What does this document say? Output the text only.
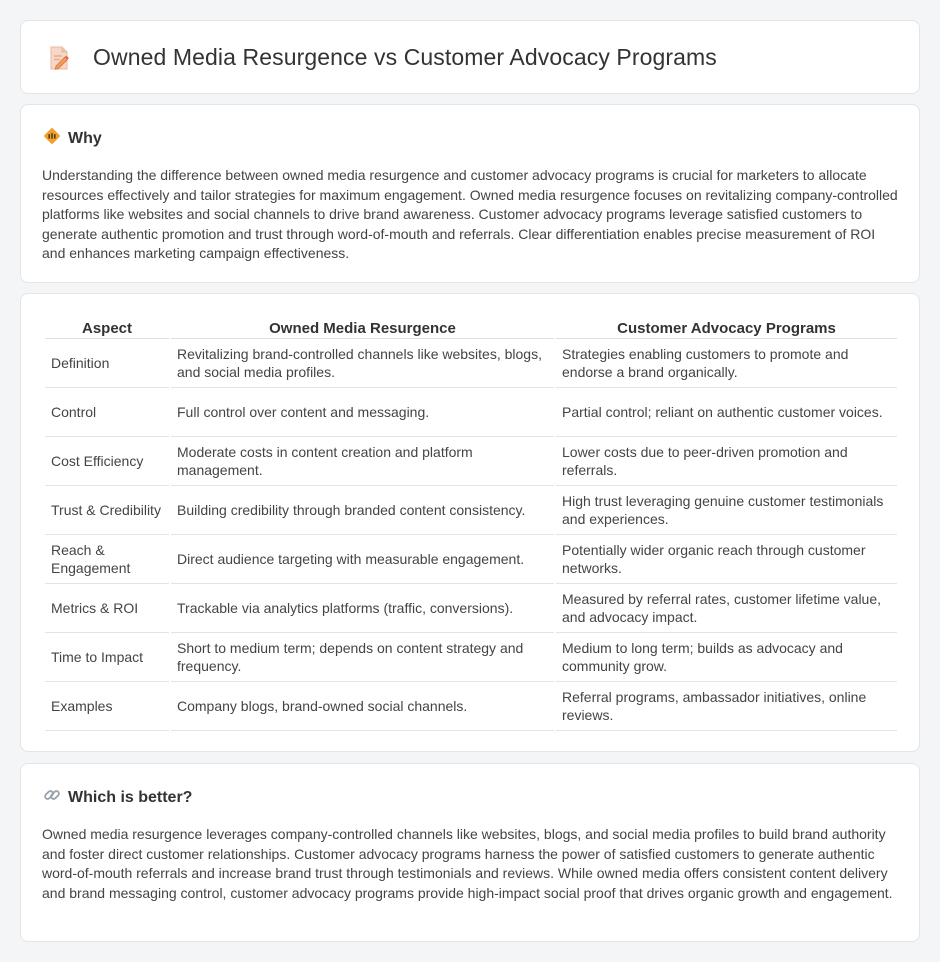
Owned Media Resurgence vs Customer Advocacy Programs
Why

Understanding the difference between owned media resurgence and customer advocacy programs is crucial for marketers to allocate resources effectively and tailor strategies for maximum engagement. Owned media resurgence focuses on revitalizing company-controlled platforms like websites and social channels to drive brand awareness. Customer advocacy programs leverage satisfied customers to generate authentic promotion and trust through word-of-mouth and referrals. Clear differentiation enables precise measurement of ROI and enhances marketing campaign effectiveness.

Aspect	Owned Media Resurgence	Customer Advocacy Programs
Definition	Revitalizing brand-controlled channels like websites, blogs, and social media profiles.	Strategies enabling customers to promote and endorse a brand organically.
Control	Full control over content and messaging.	Partial control; reliant on authentic customer voices.
Cost Efficiency	Moderate costs in content creation and platform management.	Lower costs due to peer-driven promotion and referrals.
Trust & Credibility	Building credibility through branded content consistency.	High trust leveraging genuine customer testimonials and experiences.
Reach & Engagement	Direct audience targeting with measurable engagement.	Potentially wider organic reach through customer networks.
Metrics & ROI	Trackable via analytics platforms (traffic, conversions).	Measured by referral rates, customer lifetime value, and advocacy impact.
Time to Impact	Short to medium term; depends on content strategy and frequency.	Medium to long term; builds as advocacy and community grow.
Examples	Company blogs, brand-owned social channels.	Referral programs, ambassador initiatives, online reviews.
Which is better?

Owned media resurgence leverages company-controlled channels like websites, blogs, and social media profiles to build brand authority and foster direct customer relationships. Customer advocacy programs harness the power of satisfied customers to generate authentic word-of-mouth referrals and increase brand trust through testimonials and reviews. While owned media offers consistent content delivery and brand messaging control, customer advocacy programs provide high-impact social proof that drives organic growth and engagement.
